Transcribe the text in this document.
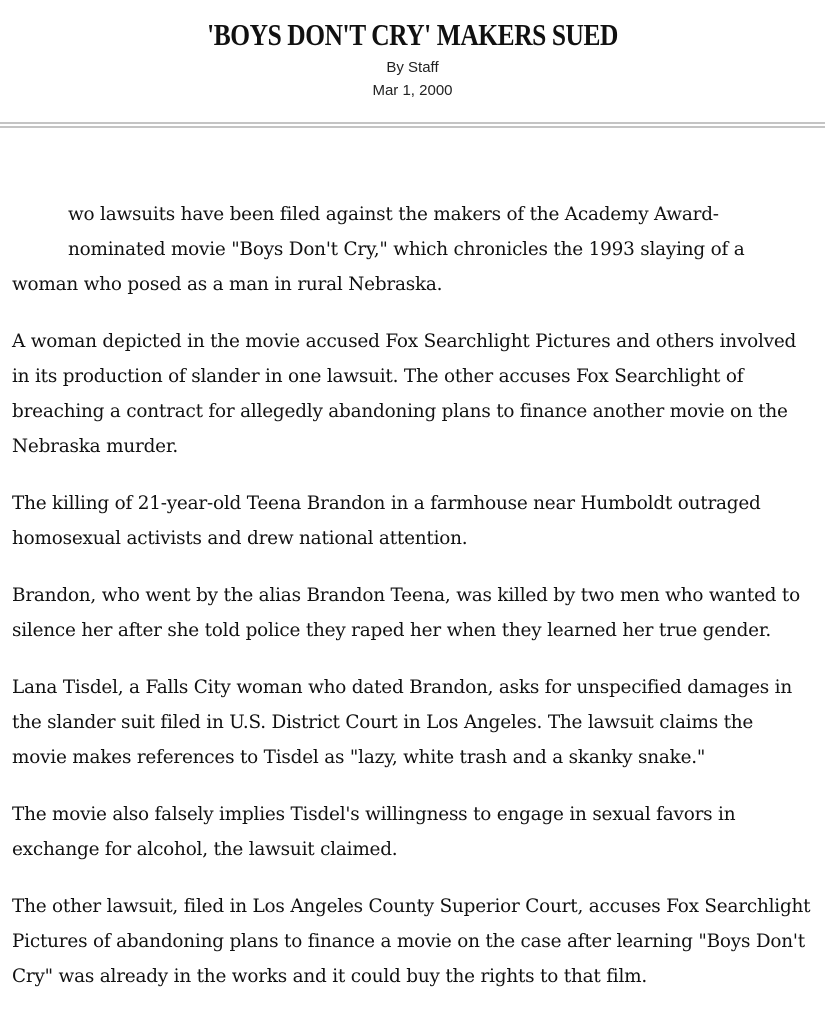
'BOYS DON'T CRY' MAKERS SUED
By Staff
Mar 1, 2000

wo lawsuits have been filed against the makers of the Academy Award-nominated movie "Boys Don't Cry," which chronicles the 1993 slaying of a woman who posed as a man in rural Nebraska.

A woman depicted in the movie accused Fox Searchlight Pictures and others involved in its production of slander in one lawsuit. The other accuses Fox Searchlight of breaching a contract for allegedly abandoning plans to finance another movie on the Nebraska murder.

The killing of 21-year-old Teena Brandon in a farmhouse near Humboldt outraged homosexual activists and drew national attention.

Brandon, who went by the alias Brandon Teena, was killed by two men who wanted to silence her after she told police they raped her when they learned her true gender.

Lana Tisdel, a Falls City woman who dated Brandon, asks for unspecified damages in the slander suit filed in U.S. District Court in Los Angeles. The lawsuit claims the movie makes references to Tisdel as "lazy, white trash and a skanky snake."

The movie also falsely implies Tisdel's willingness to engage in sexual favors in exchange for alcohol, the lawsuit claimed.

The other lawsuit, filed in Los Angeles County Superior Court, accuses Fox Searchlight Pictures of abandoning plans to finance a movie on the case after learning "Boys Don't Cry" was already in the works and it could buy the rights to that film.
